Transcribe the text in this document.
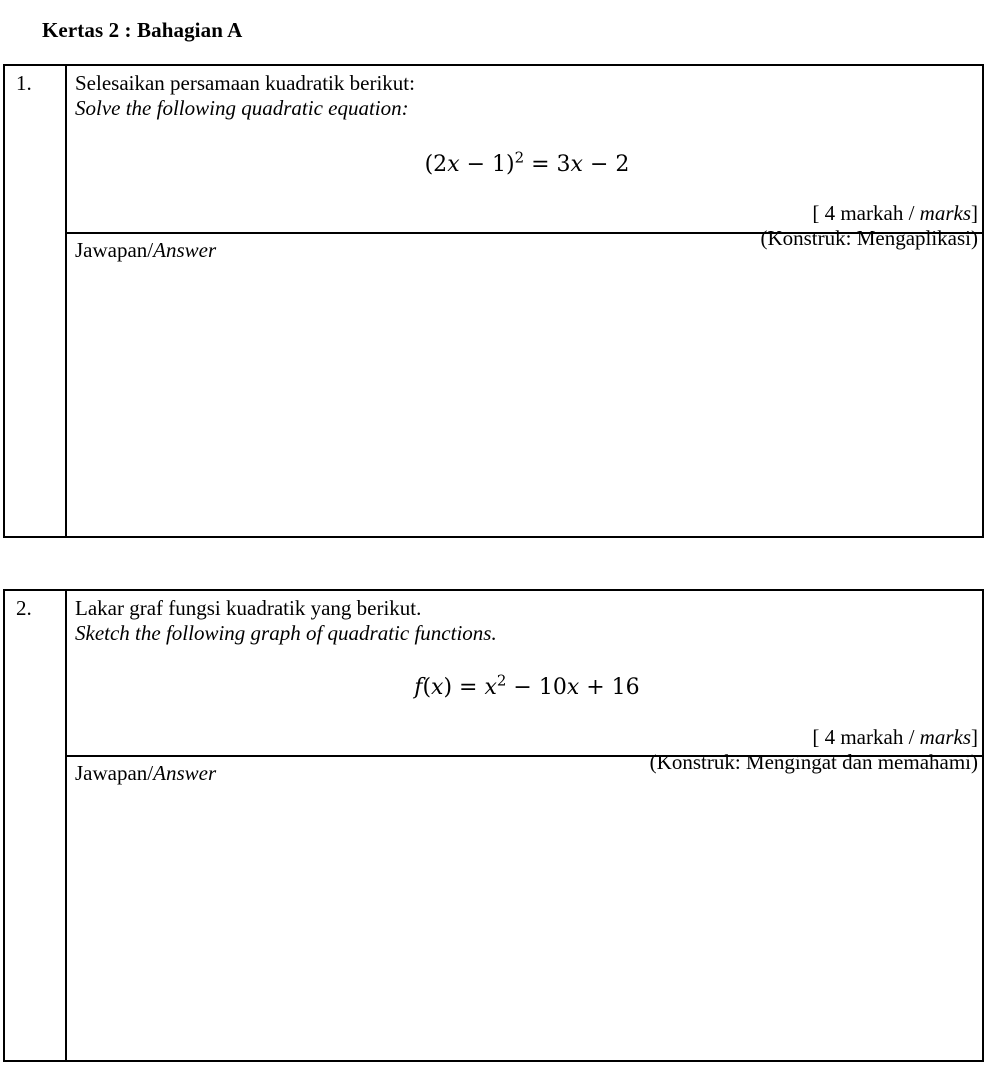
Kertas 2 : Bahagian A
1. Selesaikan persamaan kuadratik berikut:
Solve the following quadratic equation:
$(2x - 1)^2 = 3x - 2$
[ 4 markah / marks]
(Konstruk: Mengaplikasi)
Jawapan/Answer
2. Lakar graf fungsi kuadratik yang berikut.
Sketch the following graph of quadratic functions.
$f(x) = x^2 - 10x + 16$
[ 4 markah / marks]
(Konstruk: Mengingat dan memahami)
Jawapan/Answer
